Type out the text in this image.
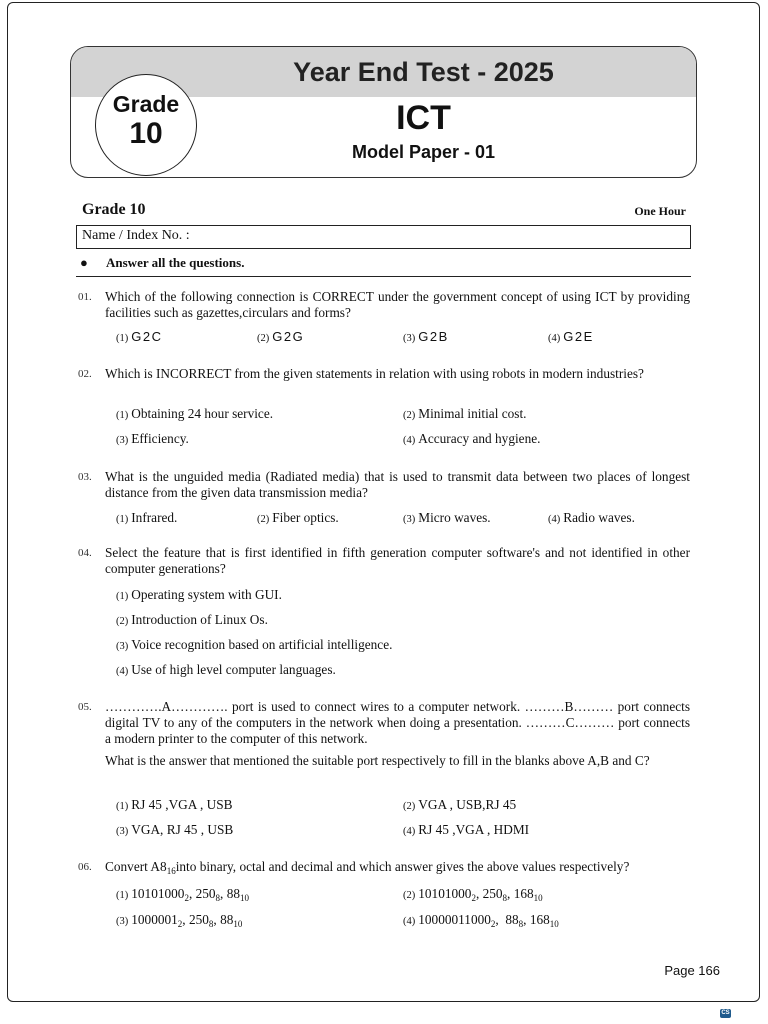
Year End Test - 2025
ICT
Model Paper - 01
Grade
10
Grade 10	One Hour
Name / Index No. :
● Answer all the questions.
01. Which of the following connection is CORRECT under the government concept of using ICT by providing facilities such as gazettes,circulars and forms?
(1) G2C	(2) G2G	(3) G2B	(4) G2E
02. Which is INCORRECT from the given statements in relation with using robots in modern industries?
(1) Obtaining 24 hour service.	(2) Minimal initial cost.
(3) Efficiency.	(4) Accuracy and hygiene.
03. What is the unguided media (Radiated media) that is used to transmit data between two places of longest distance from the given data transmission media?
(1) Infrared.	(2) Fiber optics.	(3) Micro waves.	(4) Radio waves.
04. Select the feature that is first identified in fifth generation computer software's and not identified in other computer generations?
(1) Operating system with GUI.
(2) Introduction of Linux Os.
(3) Voice recognition based on artificial intelligence.
(4) Use of high level computer languages.
05. ………….A…………. port is used to connect wires to a computer network. ………B……… port connects digital TV to any of the computers in the network when doing a presentation. ………C……… port connects a modern printer to the computer of this network.
What is the answer that mentioned the suitable port respectively to fill in the blanks above A,B and C?
(1) RJ 45 ,VGA , USB	(2) VGA , USB,RJ 45
(3) VGA, RJ 45 , USB	(4) RJ 45 ,VGA , HDMI
06. Convert $A8_{16}into$ binary, octal and decimal and which answer gives the above values respectively?
(1) $10101000_2$, $250_8$, $88_{10}$	(2) $10101000_2$, $250_8$, $168_{10}$
(3) $1000001_2$, $250_8$, $88_{10}$	(4) $10000011000_2$,  $88_8$, $168_{10}$
Page 166
CS
